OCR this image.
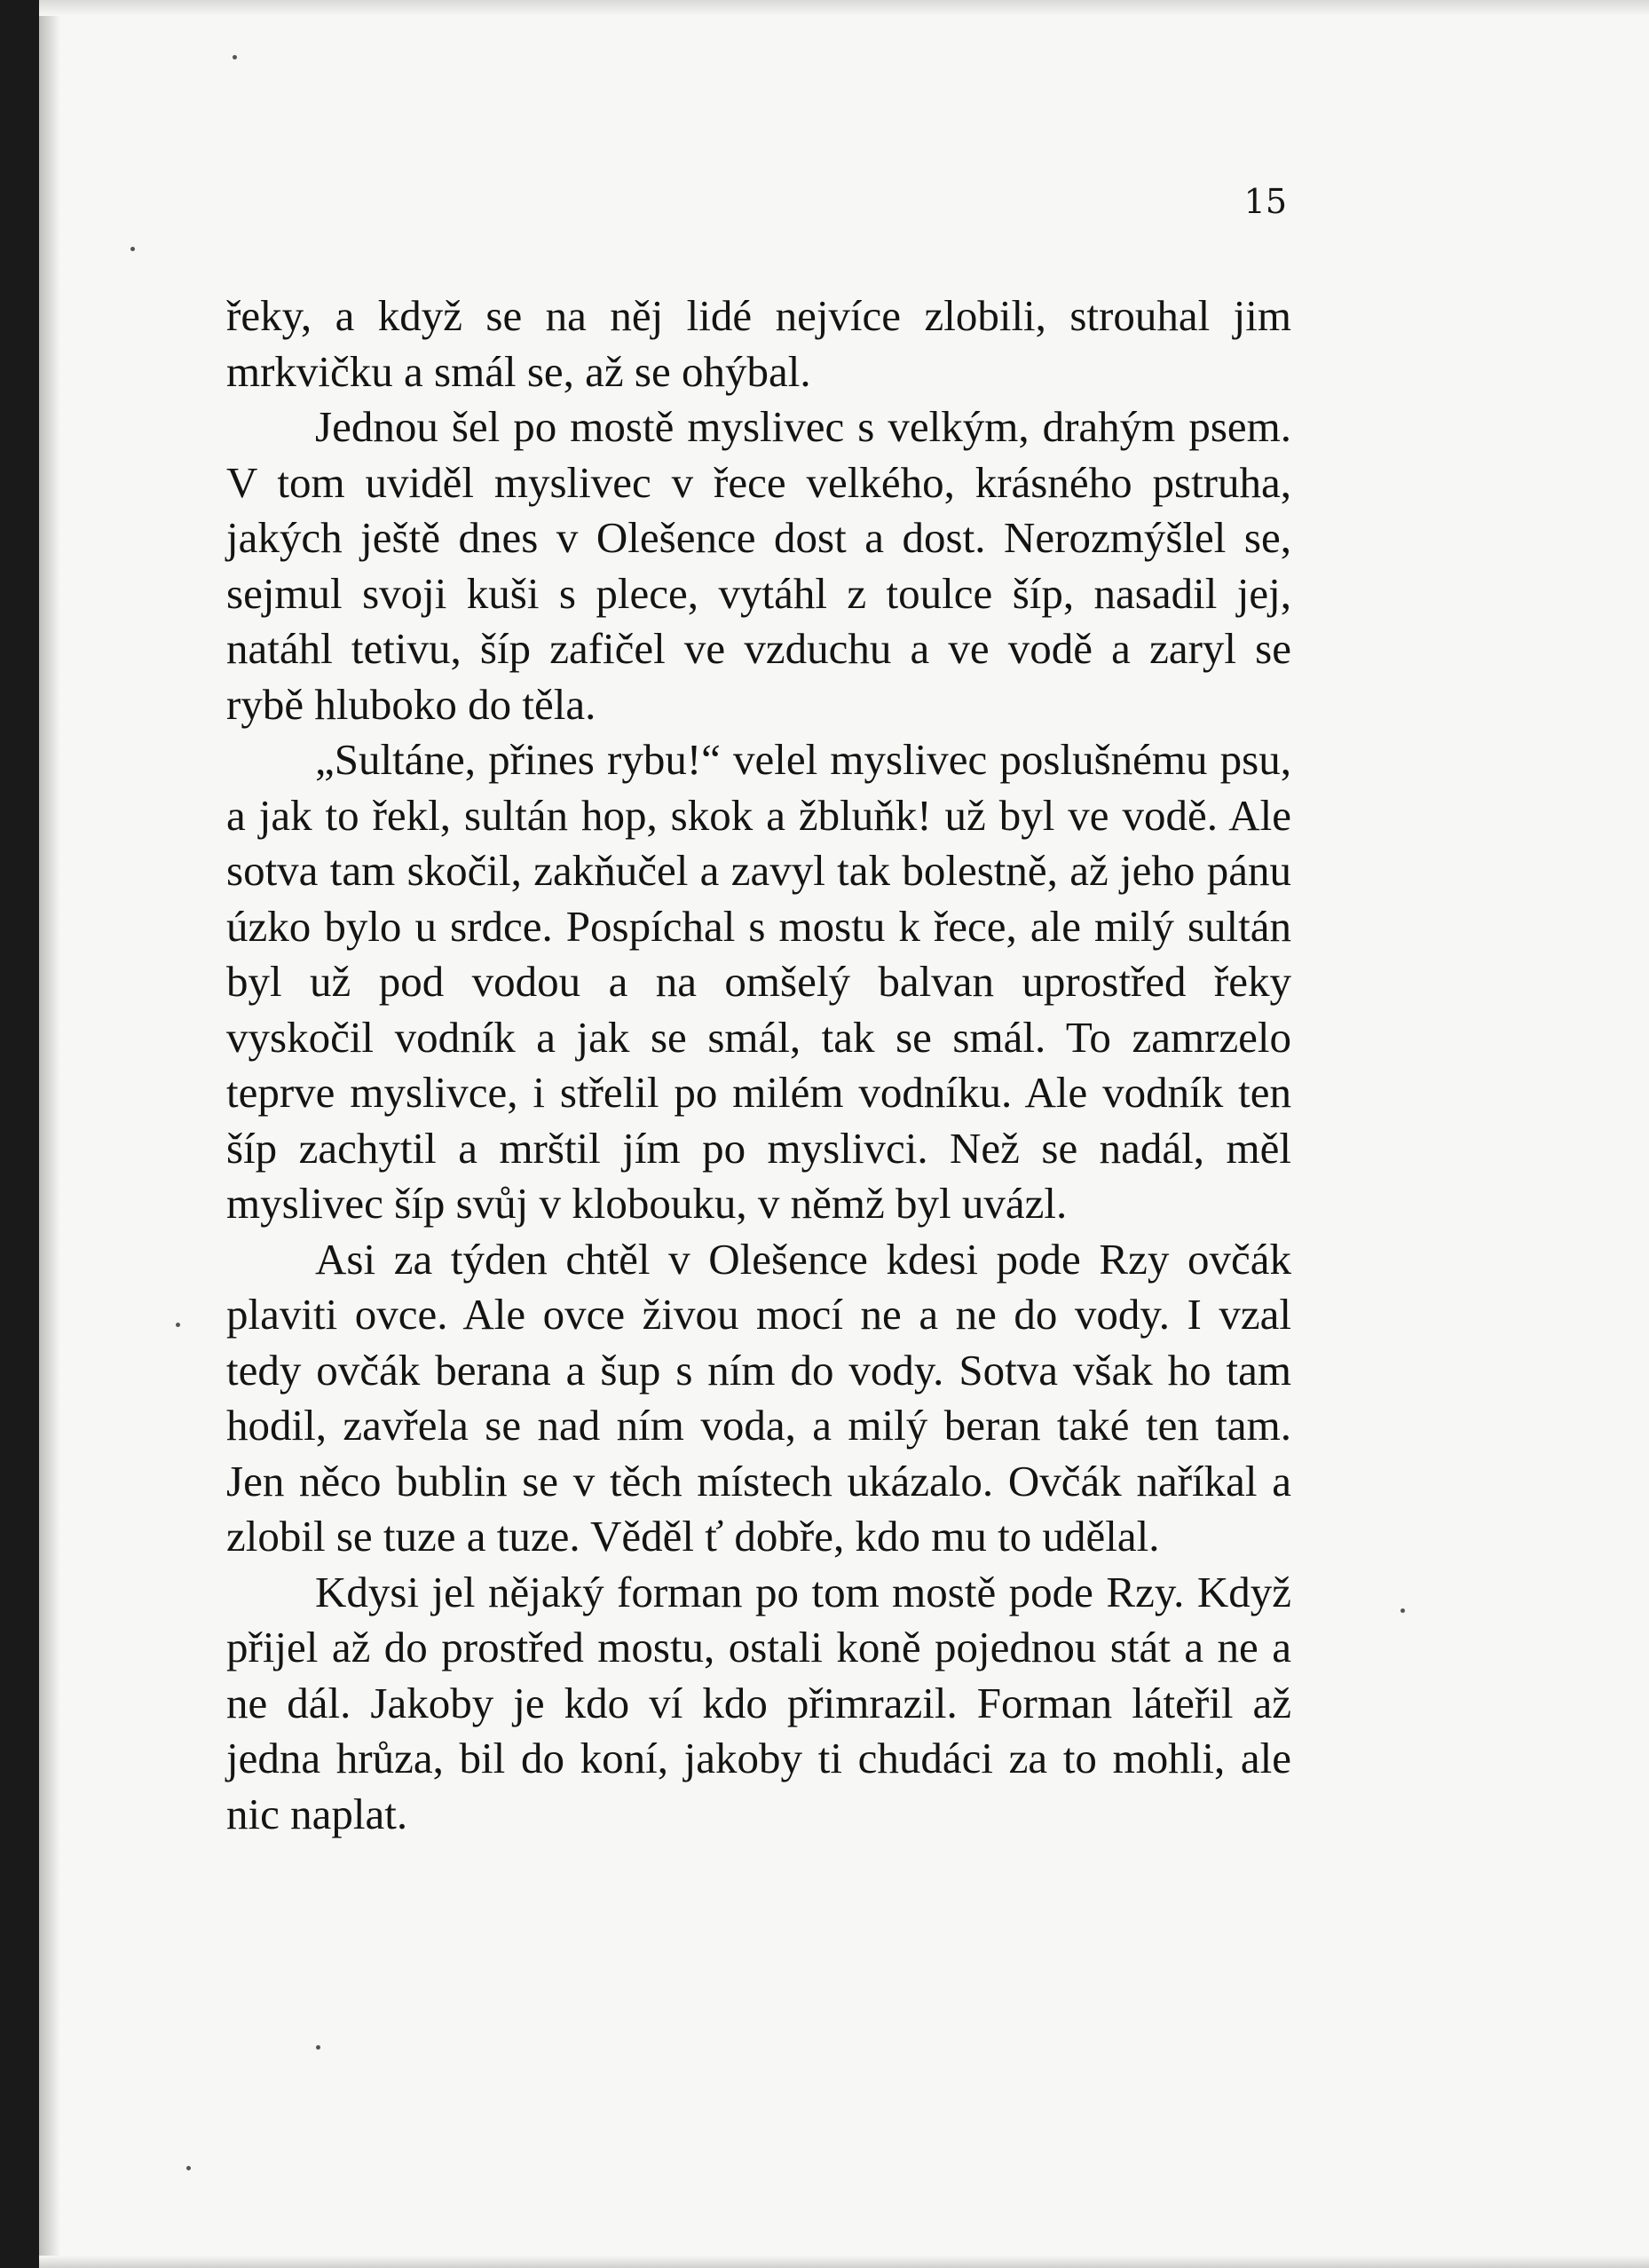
15

řeky, a když se na něj lidé nejvíce zlobili, strouhal jim mrkvičku a smál se, až se ohýbal.

Jednou šel po mostě myslivec s velkým, drahým psem. V tom uviděl myslivec v řece velkého, krásného pstruha, jakých ještě dnes v Olešence dost a dost. Nerozmýšlel se, sejmul svoji kuši s plece, vytáhl z toulce šíp, nasadil jej, natáhl tetivu, šíp zafičel ve vzduchu a ve vodě a zaryl se rybě hluboko do těla.

„Sultáne, přines rybu!“ velel myslivec poslušnému psu, a jak to řekl, sultán hop, skok a žbluňk! už byl ve vodě. Ale sotva tam skočil, zakňučel a zavyl tak bolestně, až jeho pánu úzko bylo u srdce. Pospíchal s mostu k řece, ale milý sultán byl už pod vodou a na omšelý balvan uprostřed řeky vyskočil vodník a jak se smál, tak se smál. To zamrzelo teprve myslivce, i střelil po milém vodníku. Ale vodník ten šíp zachytil a mrštil jím po myslivci. Než se nadál, měl myslivec šíp svůj v klobouku, v němž byl uvázl.

Asi za týden chtěl v Olešence kdesi pode Rzy ovčák plaviti ovce. Ale ovce živou mocí ne a ne do vody. I vzal tedy ovčák berana a šup s ním do vody. Sotva však ho tam hodil, zavřela se nad ním voda, a milý beran také ten tam. Jen něco bublin se v těch místech ukázalo. Ovčák naříkal a zlobil se tuze a tuze. Věděl ť dobře, kdo mu to udělal.

Kdysi jel nějaký forman po tom mostě pode Rzy. Když přijel až do prostřed mostu, ostali koně pojednou stát a ne a ne dál. Jakoby je kdo ví kdo přimrazil. Forman láteřil až jedna hrůza, bil do koní, jakoby ti chudáci za to mohli, ale nic naplat.
